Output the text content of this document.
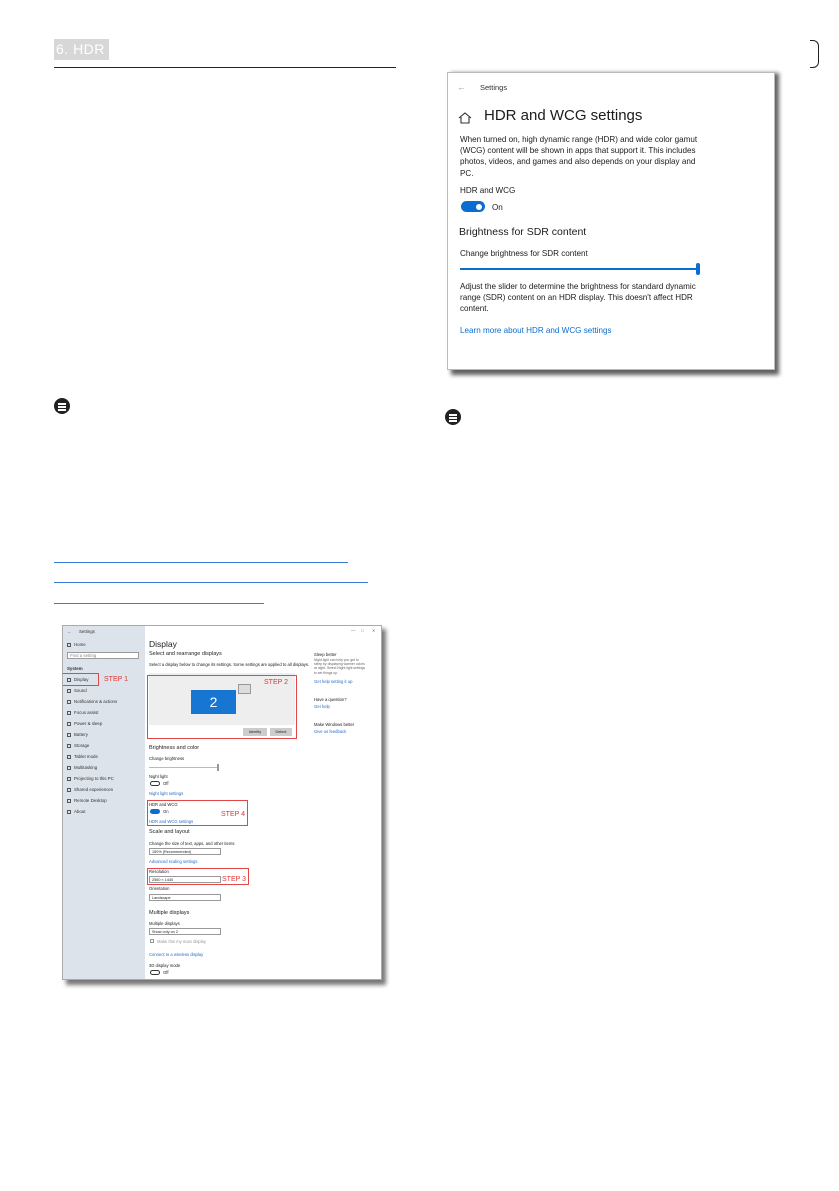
6. HDR
← Settings
HDR and WCG settings
When turned on, high dynamic range (HDR) and wide color gamut
(WCG) content will be shown in apps that support it. This includes
photos, videos, and games and also depends on your display and
PC.
HDR and WCG
On
Brightness for SDR content
Change brightness for SDR content
Adjust the slider to determine the brightness for standard dynamic
range (SDR) content on an HDR display. This doesn't affect HDR
content.
Learn more about HDR and WCG settings
← Settings
Home
Find a setting
System
Display
Sound
Notifications & actions
Focus assist
Power & sleep
Battery
Storage
Tablet mode
Multitasking
Projecting to this PC
Shared experiences
Remote Desktop
About
— □ ✕
Display
Select and rearrange displays
Select a display below to change its settings. Some settings are applied to all displays.
2
1
Identify	Detect
Brightness and color
Change brightness
Night light
Off
Night light settings
HDR and WCG
On
HDR and WCG settings
Scale and layout
Change the size of text, apps, and other items
150% (Recommended)
Advanced scaling settings
Resolution
2560 × 1440
Orientation
Landscape
Multiple displays
Multiple displays
Show only on 2
Make this my main display
Connect to a wireless display
3D display mode
Off
Sleep better
Night light can help you get to
sleep by displaying warmer colors
at night. Select Night light settings
to set things up.
Get help setting it up
Have a question?
Get help
Make Windows better
Give us feedback
STEP 1	STEP 2
STEP 4
STEP 3
